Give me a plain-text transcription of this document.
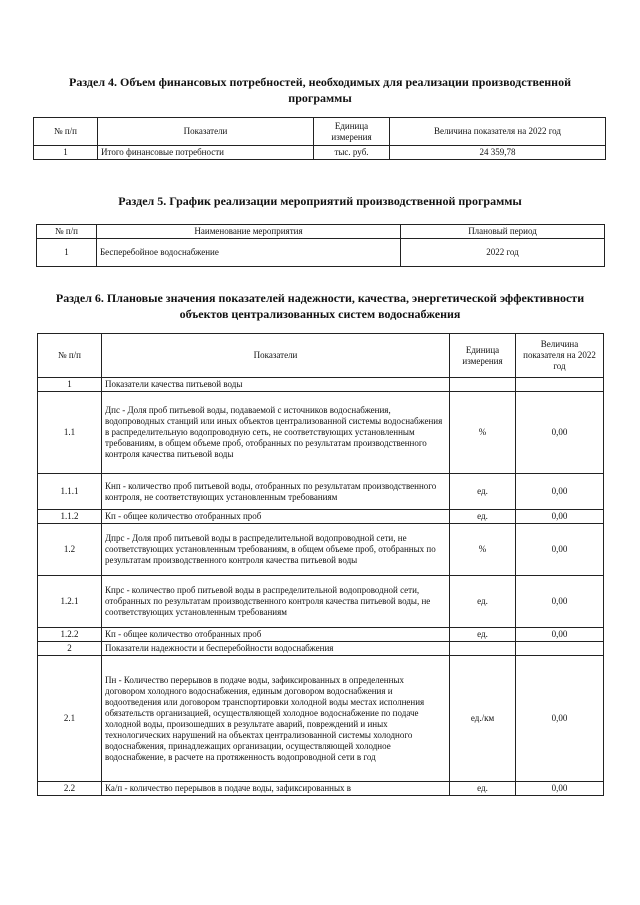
Раздел 4. Объем финансовых потребностей, необходимых для реализации производственной программы
№ п/п	Показатели	Единица измерения	Величина показателя на 2022 год
1	Итого финансовые потребности	тыс. руб.	24 359,78
Раздел 5. График реализации мероприятий производственной программы
№ п/п	Наименование мероприятия	Плановый период
1	Бесперебойное водоснабжение	2022 год
Раздел 6. Плановые значения показателей надежности, качества, энергетической эффективности объектов централизованных систем водоснабжения
№ п/п	Показатели	Единица измерения	Величина показателя на 2022 год
1	Показатели качества питьевой воды		
1.1	Дпс - Доля проб питьевой воды, подаваемой с источников водоснабжения, водопроводных станций или иных объектов централизованной системы водоснабжения в распределительную водопроводную сеть, не соответствующих установленным требованиям, в общем объеме проб, отобранных по результатам производственного контроля качества питьевой воды	%	0,00
1.1.1	Кнп - количество проб питьевой воды, отобранных по результатам производственного контроля, не соответствующих установленным требованиям	ед.	0,00
1.1.2	Кп - общее количество отобранных проб	ед.	0,00
1.2	Дпрс - Доля проб питьевой воды в распределительной водопроводной сети, не соответствующих установленным требованиям, в общем объеме проб, отобранных по результатам производственного контроля качества питьевой воды	%	0,00
1.2.1	Кпрс - количество проб питьевой воды в распределительной водопроводной сети, отобранных по результатам производственного контроля качества питьевой воды, не соответствующих установленным требованиям	ед.	0,00
1.2.2	Кп - общее количество отобранных проб	ед.	0,00
2	Показатели надежности и бесперебойности водоснабжения		
2.1	Пн - Количество перерывов в подаче воды, зафиксированных в определенных договором холодного водоснабжения, единым договором водоснабжения и водоотведения или договором транспортировки холодной воды местах исполнения обязательств организацией, осуществляющей холодное водоснабжение по подаче холодной воды, произошедших в результате аварий, повреждений и иных технологических нарушений на объектах централизованной системы холодного водоснабжения, принадлежащих организации, осуществляющей холодное водоснабжение, в расчете на протяженность водопроводной сети в год	ед./км	0,00
2.2	Ка/п - количество перерывов в подаче воды, зафиксированных в	ед.	0,00
